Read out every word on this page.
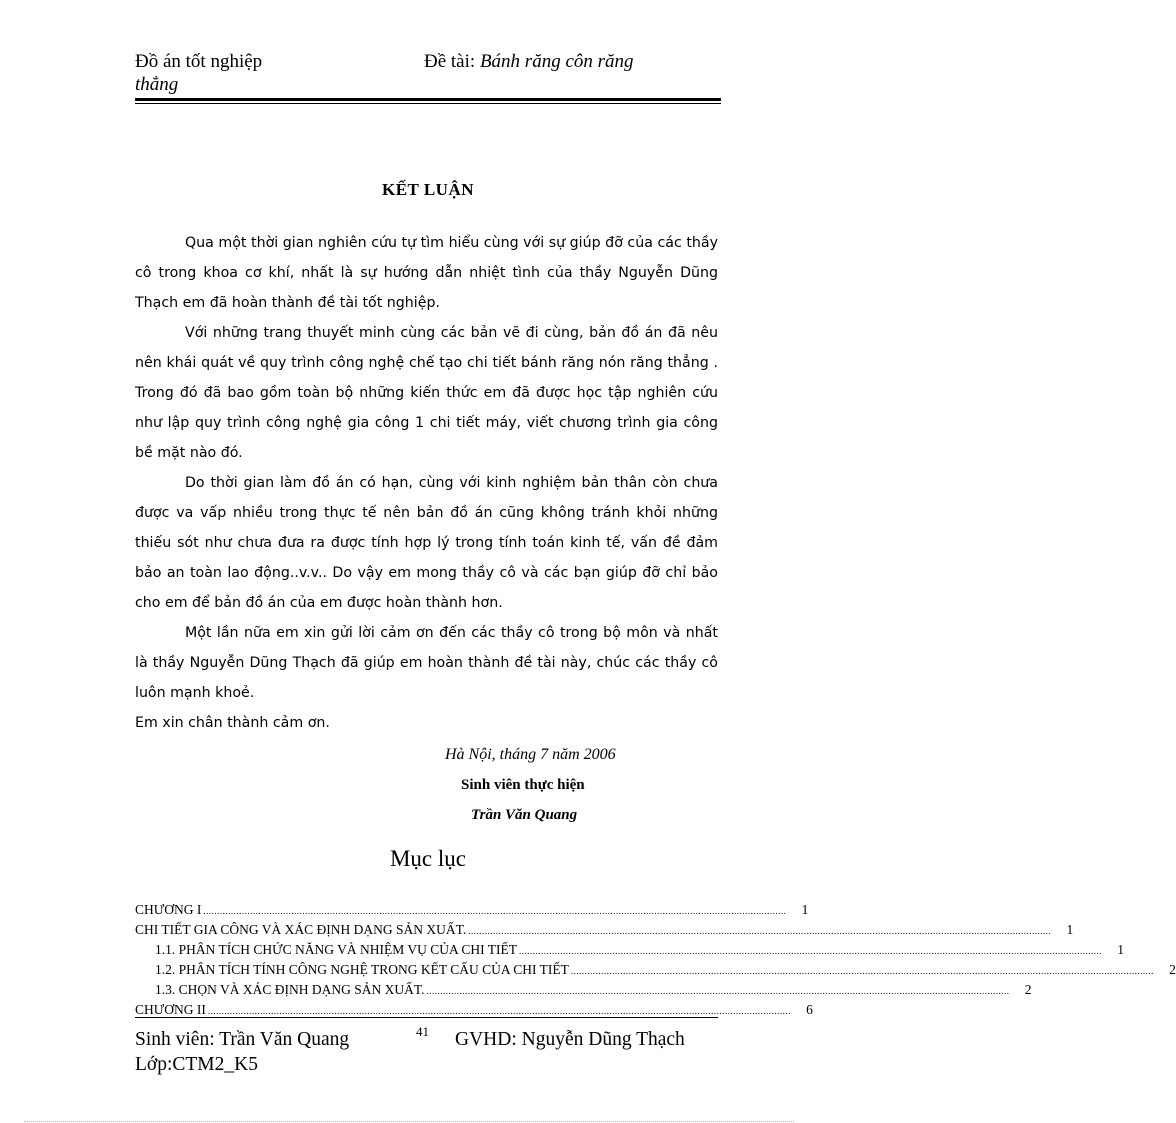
Đồ án tốt nghiệp	Đề tài: Bánh răng côn răng
thẳng
KẾT LUẬN

Qua một thời gian nghiên cứu tự tìm hiểu cùng với sự giúp đỡ của các thầy cô trong khoa cơ khí, nhất là sự hướng dẫn nhiệt tình của thầy Nguyễn Dũng Thạch em đã hoàn thành đề tài tốt nghiệp.

Với những trang thuyết minh cùng các bản vẽ đi cùng, bản đồ án đã nêu nên khái quát về quy trình công nghệ chế tạo chi tiết bánh răng nón răng thẳng . Trong đó đã bao gồm toàn bộ những kiến thức em đã được học tập nghiên cứu như lập quy trình công nghệ gia công 1 chi tiết máy, viết chương trình gia công bề mặt nào đó.

Do thời gian làm đồ án có hạn, cùng với kinh nghiệm bản thân còn chưa được va vấp nhiều trong thực tế nên bản đồ án cũng không tránh khỏi những thiếu sót như chưa đưa ra được tính hợp lý trong tính toán kinh tế, vấn đề đảm bảo an toàn lao động..v.v.. Do vậy em mong thầy cô và các bạn giúp đỡ chỉ bảo cho em để bản đồ án của em được hoàn thành hơn.

Một lần nữa em xin gửi lời cảm ơn đến các thầy cô trong bộ môn và nhất là thầy Nguyễn Dũng Thạch đã giúp em hoàn thành đề tài này, chúc các thầy cô luôn mạnh khoẻ.

Em xin chân thành cảm ơn.

Hà Nội, tháng 7 năm 2006
Sinh viên thực hiện
Trần Văn Quang
Mục lục
CHƯƠNG I ....................................................................................................................................................................................................................	1
CHI TIẾT GIA CÔNG VÀ XÁC ĐỊNH DẠNG SẢN XUẤT. ....................................................................................................................................................................................................................	1
1.1. PHÂN TÍCH CHỨC NĂNG VÀ NHIỆM VỤ CỦA CHI TIẾT ....................................................................................................................................................................................................................	1
1.2. PHÂN TÍCH TÍNH CÔNG NGHỆ TRONG KẾT CẤU CỦA CHI TIẾT ....................................................................................................................................................................................................................	2
1.3. CHỌN VÀ XÁC ĐỊNH DẠNG SẢN XUẤT. ....................................................................................................................................................................................................................	2
CHƯƠNG II ....................................................................................................................................................................................................................	6
Sinh viên: Trần Văn Quang	41 GVHD: Nguyễn Dũng Thạch
Lớp:CTM2_K5
